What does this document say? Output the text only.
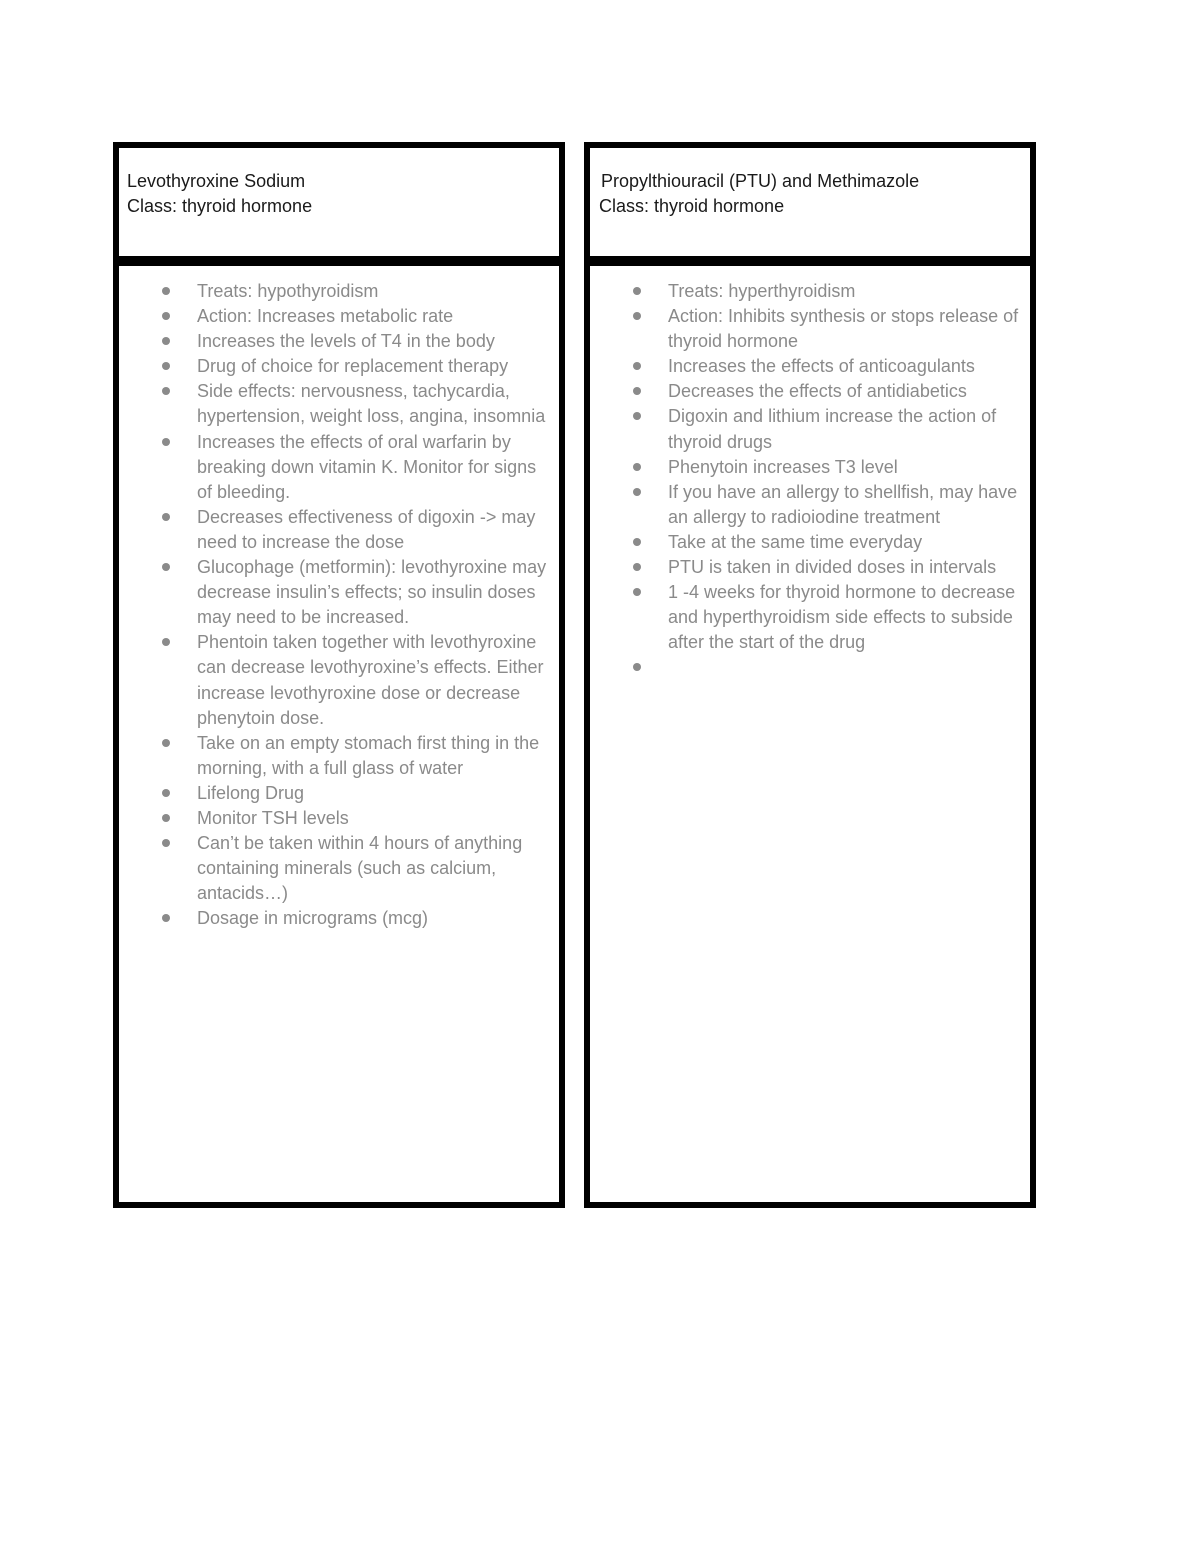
Levothyroxine Sodium
Class: thyroid hormone
Treats: hypothyroidism
Action: Increases metabolic rate
Increases the levels of T4 in the body
Drug of choice for replacement therapy
Side effects: nervousness, tachycardia, hypertension, weight loss, angina, insomnia
Increases the effects of oral warfarin by breaking down vitamin K. Monitor for signs of bleeding.
Decreases effectiveness of digoxin -> may need to increase the dose
Glucophage (metformin): levothyroxine may decrease insulin’s effects; so insulin doses may need to be increased.
Phentoin taken together with levothyroxine can decrease levothyroxine’s effects. Either increase levothyroxine dose or decrease phenytoin dose.
Take on an empty stomach first thing in the morning, with a full glass of water
Lifelong Drug
Monitor TSH levels
Can’t be taken within 4 hours of anything containing minerals (such as calcium, antacids…)
Dosage in micrograms (mcg)
Propylthiouracil (PTU) and Methimazole
Class: thyroid hormone
Treats: hyperthyroidism
Action: Inhibits synthesis or stops release of thyroid hormone
Increases the effects of anticoagulants
Decreases the effects of antidiabetics
Digoxin and lithium increase the action of thyroid drugs
Phenytoin increases T3 level
If you have an allergy to shellfish, may have an allergy to radioiodine treatment
Take at the same time everyday
PTU is taken in divided doses in intervals
1 -4 weeks for thyroid hormone to decrease and hyperthyroidism side effects to subside after the start of the drug
